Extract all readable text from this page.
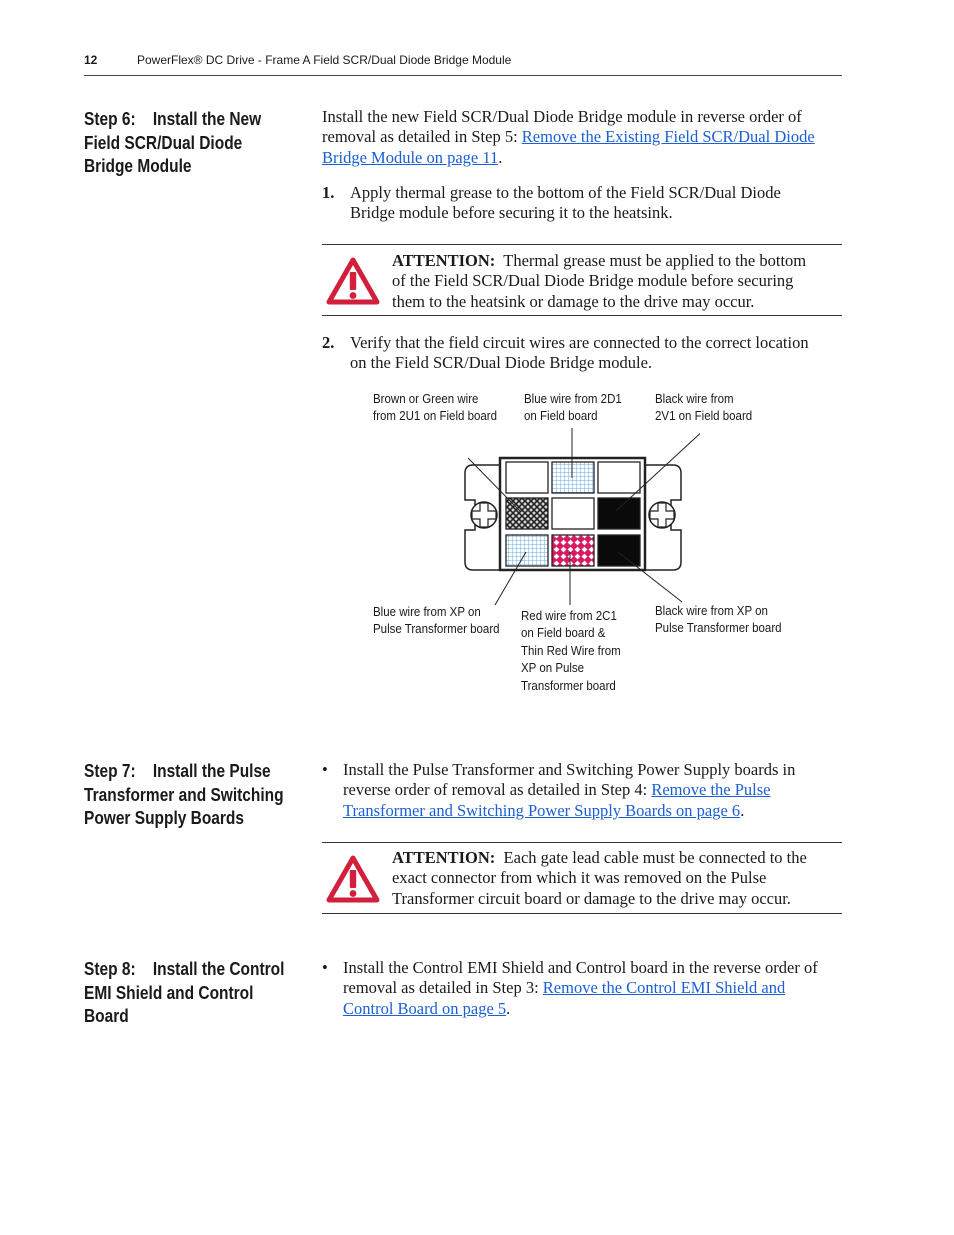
12	PowerFlex® DC Drive - Frame A Field SCR/Dual Diode Bridge Module
Step 6:    Install the New
Field SCR/Dual Diode
Bridge Module
Install the new Field SCR/Dual Diode Bridge module in reverse order of
removal as detailed in Step 5: Remove the Existing Field SCR/Dual Diode
Bridge Module on page 11.
1. Apply thermal grease to the bottom of the Field SCR/Dual Diode
Bridge module before securing it to the heatsink.
ATTENTION: Thermal grease must be applied to the bottom
of the Field SCR/Dual Diode Bridge module before securing
them to the heatsink or damage to the drive may occur.
2. Verify that the field circuit wires are connected to the correct location
on the Field SCR/Dual Diode Bridge module.
Brown or Green wire
from 2U1 on Field board
Blue wire from 2D1
on Field board
Black wire from
2V1 on Field board
Blue wire from XP on
Pulse Transformer board
Red wire from 2C1
on Field board &
Thin Red Wire from
XP on Pulse
Transformer board
Black wire from XP on
Pulse Transformer board
Step 7:    Install the Pulse
Transformer and Switching
Power Supply Boards
• Install the Pulse Transformer and Switching Power Supply boards in
reverse order of removal as detailed in Step 4: Remove the Pulse
Transformer and Switching Power Supply Boards on page 6.
ATTENTION: Each gate lead cable must be connected to the
exact connector from which it was removed on the Pulse
Transformer circuit board or damage to the drive may occur.
Step 8:    Install the Control
EMI Shield and Control
Board
• Install the Control EMI Shield and Control board in the reverse order of
removal as detailed in Step 3: Remove the Control EMI Shield and
Control Board on page 5.
